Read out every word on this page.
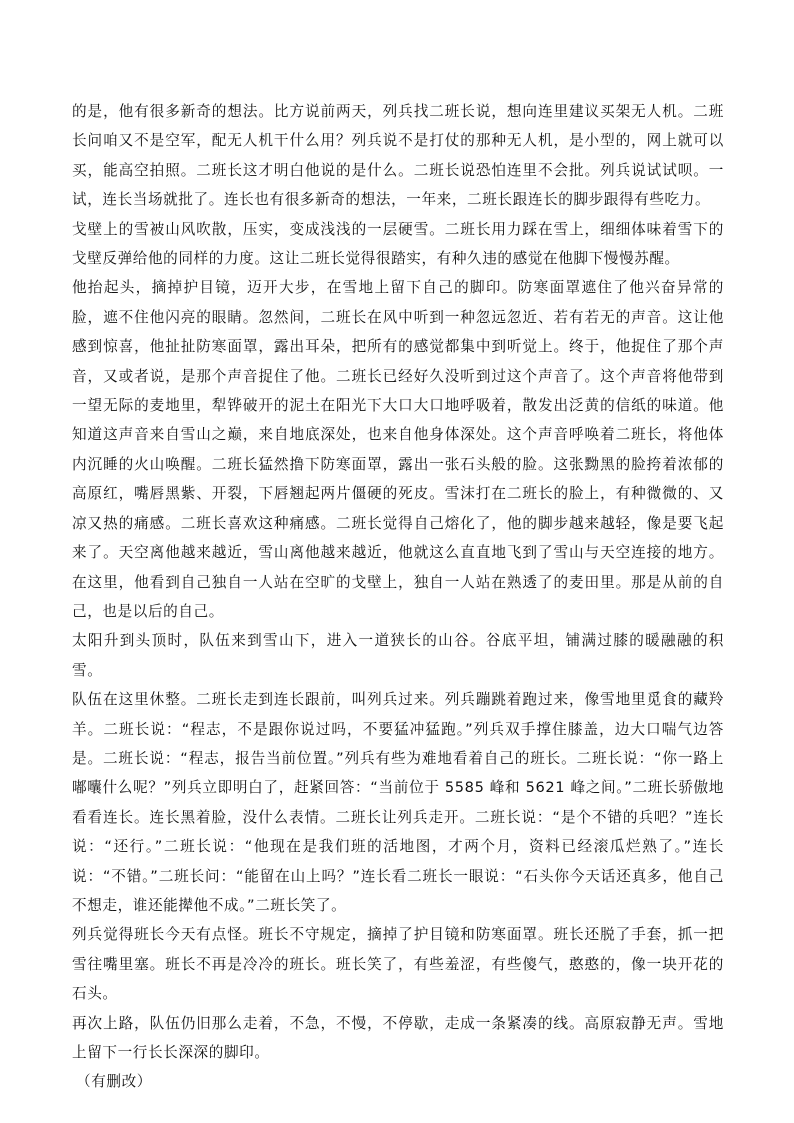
的是，他有很多新奇的想法。比方说前两天，列兵找二班长说，想向连里建议买架无人机。二班长问咱又不是空军，配无人机干什么用？列兵说不是打仗的那种无人机，是小型的，网上就可以买，能高空拍照。二班长这才明白他说的是什么。二班长说恐怕连里不会批。列兵说试试呗。一试，连长当场就批了。连长也有很多新奇的想法，一年来，二班长跟连长的脚步跟得有些吃力。

戈壁上的雪被山风吹散，压实，变成浅浅的一层硬雪。二班长用力踩在雪上，细细体味着雪下的戈壁反弹给他的同样的力度。这让二班长觉得很踏实，有种久违的感觉在他脚下慢慢苏醒。

他抬起头，摘掉护目镜，迈开大步，在雪地上留下自己的脚印。防寒面罩遮住了他兴奋异常的脸，遮不住他闪亮的眼睛。忽然间，二班长在风中听到一种忽远忽近、若有若无的声音。这让他感到惊喜，他扯扯防寒面罩，露出耳朵，把所有的感觉都集中到听觉上。终于，他捉住了那个声音，又或者说，是那个声音捉住了他。二班长已经好久没听到过这个声音了。这个声音将他带到一望无际的麦地里，犁铧破开的泥土在阳光下大口大口地呼吸着，散发出泛黄的信纸的味道。他知道这声音来自雪山之巅，来自地底深处，也来自他身体深处。这个声音呼唤着二班长，将他体内沉睡的火山唤醒。二班长猛然撸下防寒面罩，露出一张石头般的脸。这张黝黑的脸挎着浓郁的高原红，嘴唇黑紫、开裂，下唇翘起两片僵硬的死皮。雪沫打在二班长的脸上，有种微微的、又凉又热的痛感。二班长喜欢这种痛感。二班长觉得自己熔化了，他的脚步越来越轻，像是要飞起来了。天空离他越来越近，雪山离他越来越近，他就这么直直地飞到了雪山与天空连接的地方。在这里，他看到自己独自一人站在空旷的戈壁上，独自一人站在熟透了的麦田里。那是从前的自己，也是以后的自己。

太阳升到头顶时，队伍来到雪山下，进入一道狭长的山谷。谷底平坦，铺满过膝的暖融融的积雪。

队伍在这里休整。二班长走到连长跟前，叫列兵过来。列兵蹦跳着跑过来，像雪地里觅食的藏羚羊。二班长说：“程志，不是跟你说过吗，不要猛冲猛跑。”列兵双手撑住膝盖，边大口喘气边答是。二班长说：“程志，报告当前位置。”列兵有些为难地看着自己的班长。二班长说：“你一路上嘟囔什么呢？”列兵立即明白了，赶紧回答：“当前位于 5585 峰和 5621 峰之间。”二班长骄傲地看看连长。连长黑着脸，没什么表情。二班长让列兵走开。二班长说：“是个不错的兵吧？”连长说：“还行。”二班长说：“他现在是我们班的活地图，才两个月，资料已经滚瓜烂熟了。”连长说：“不错。”二班长问：“能留在山上吗？”连长看二班长一眼说：“石头你今天话还真多，他自己不想走，谁还能撵他不成。”二班长笑了。

列兵觉得班长今天有点怪。班长不守规定，摘掉了护目镜和防寒面罩。班长还脱了手套，抓一把雪往嘴里塞。班长不再是冷冷的班长。班长笑了，有些羞涩，有些傻气，憨憨的，像一块开花的石头。

再次上路，队伍仍旧那么走着，不急，不慢，不停歇，走成一条紧凑的线。高原寂静无声。雪地上留下一行长长深深的脚印。

（有删改）
